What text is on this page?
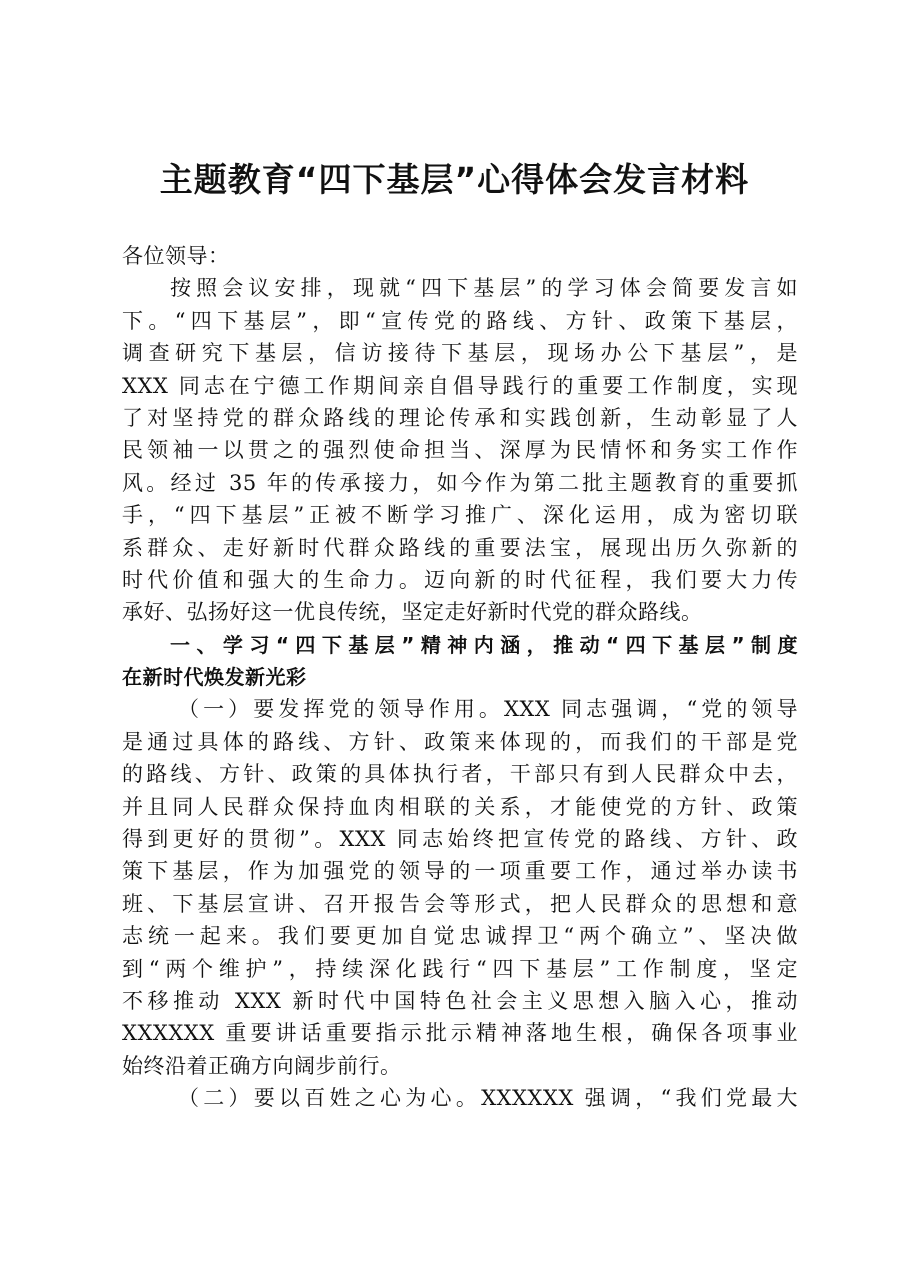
主题教育“四下基层”心得体会发言材料
各位领导：
按照会议安排，现就“四下基层”的学习体会简要发言如
下。“四下基层”，即“宣传党的路线、方针、政策下基层，
调查研究下基层，信访接待下基层，现场办公下基层”，是
XXX 同志在宁德工作期间亲自倡导践行的重要工作制度，实现
了对坚持党的群众路线的理论传承和实践创新，生动彰显了人
民领袖一以贯之的强烈使命担当、深厚为民情怀和务实工作作
风。经过 35 年的传承接力，如今作为第二批主题教育的重要抓
手，“四下基层”正被不断学习推广、深化运用，成为密切联
系群众、走好新时代群众路线的重要法宝，展现出历久弥新的
时代价值和强大的生命力。迈向新的时代征程，我们要大力传
承好、弘扬好这一优良传统，坚定走好新时代党的群众路线。
一、学习“四下基层”精神内涵，推动“四下基层”制度
在新时代焕发新光彩
（一）要发挥党的领导作用。XXX 同志强调，“党的领导
是通过具体的路线、方针、政策来体现的，而我们的干部是党
的路线、方针、政策的具体执行者，干部只有到人民群众中去，
并且同人民群众保持血肉相联的关系，才能使党的方针、政策
得到更好的贯彻”。XXX 同志始终把宣传党的路线、方针、政
策下基层，作为加强党的领导的一项重要工作，通过举办读书
班、下基层宣讲、召开报告会等形式，把人民群众的思想和意
志统一起来。我们要更加自觉忠诚捍卫“两个确立”、坚决做
到“两个维护”，持续深化践行“四下基层”工作制度，坚定
不移推动 XXX 新时代中国特色社会主义思想入脑入心，推动
XXXXXX 重要讲话重要指示批示精神落地生根，确保各项事业
始终沿着正确方向阔步前行。
（二）要以百姓之心为心。XXXXXX 强调，“我们党最大
